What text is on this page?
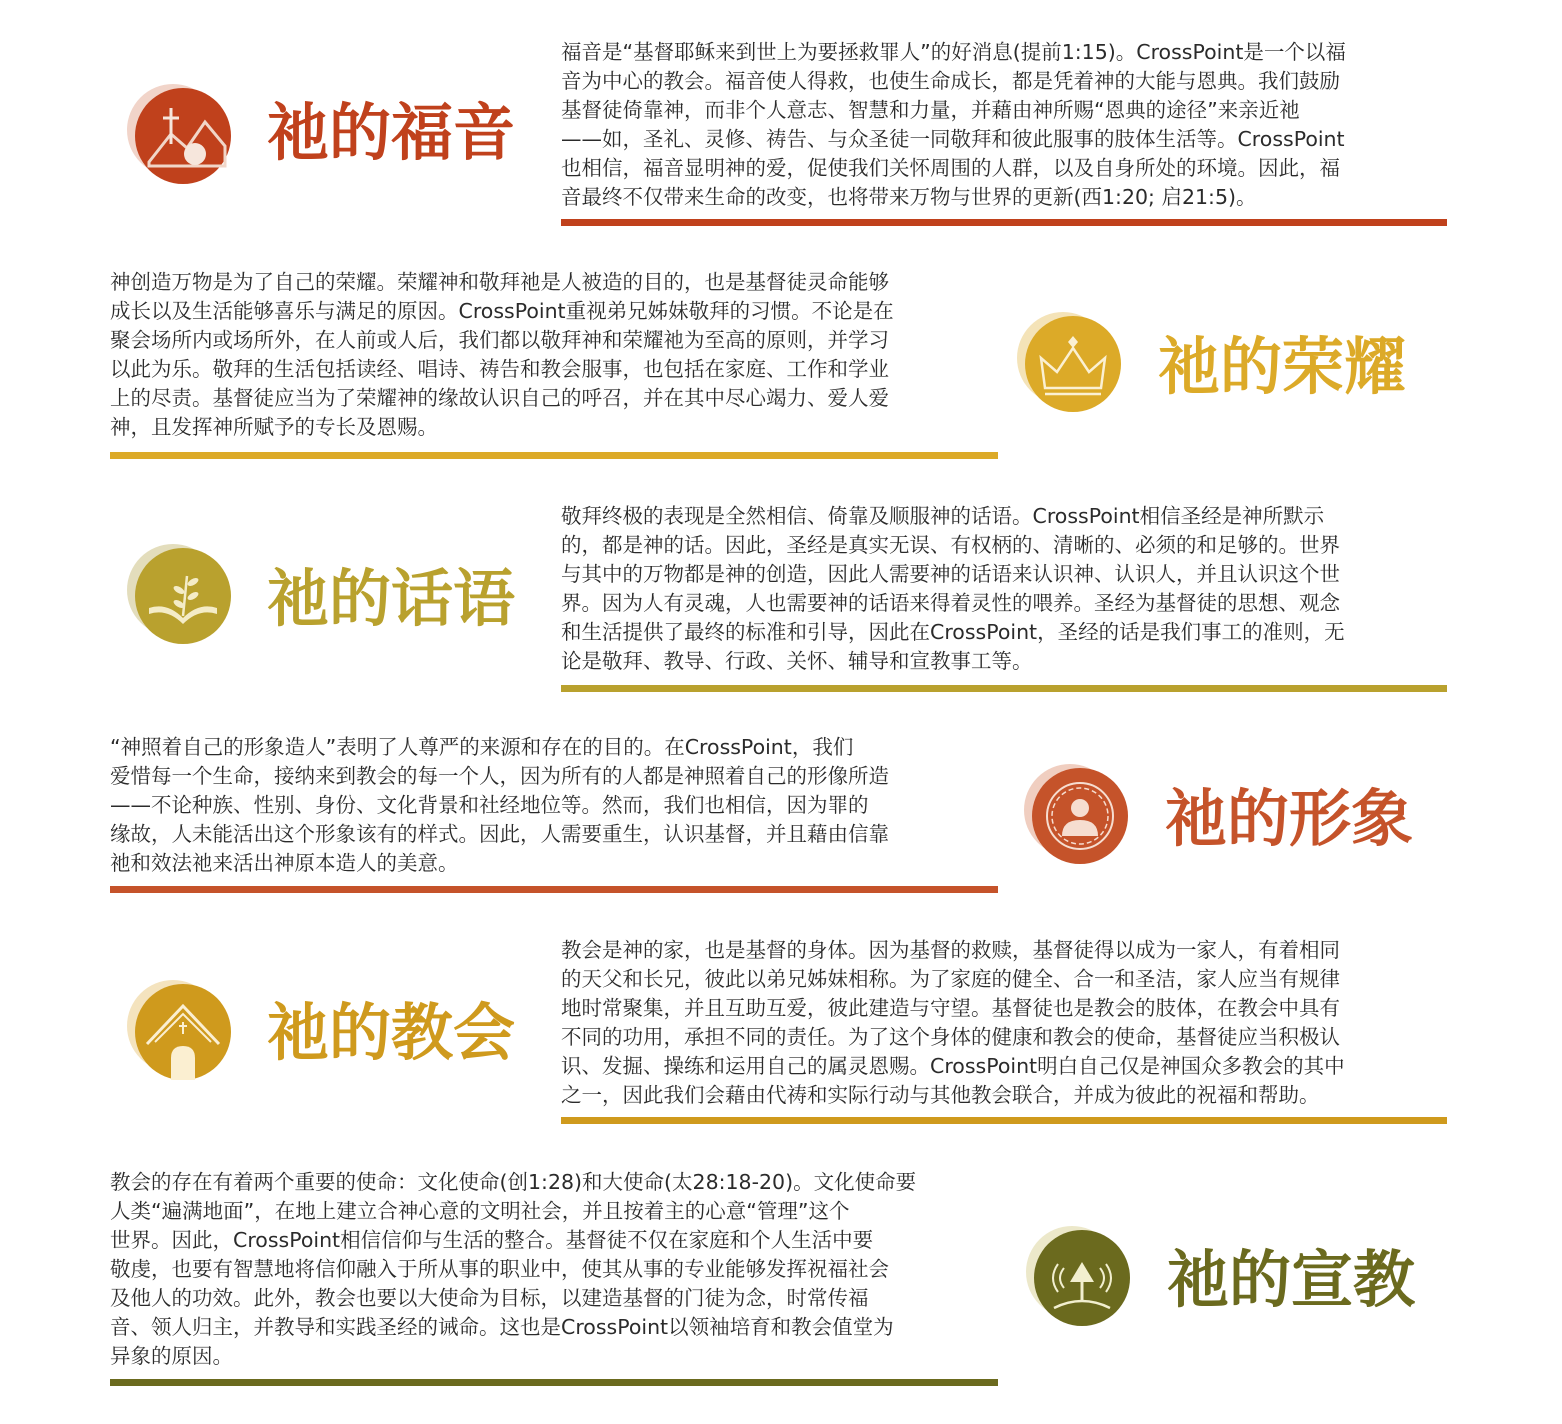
祂的福音
福音是“基督耶稣来到世上为要拯救罪人”的好消息(提前1:15)。CrossPoint是一个以福
音为中心的教会。福音使人得救，也使生命成长，都是凭着神的大能与恩典。我们鼓励
基督徒倚靠神，而非个人意志、智慧和力量，并藉由神所赐“恩典的途径”来亲近祂
——如，圣礼、灵修、祷告、与众圣徒一同敬拜和彼此服事的肢体生活等。CrossPoint
也相信，福音显明神的爱，促使我们关怀周围的人群，以及自身所处的环境。因此，福
音最终不仅带来生命的改变，也将带来万物与世界的更新(西1:20; 启21:5)。
神创造万物是为了自己的荣耀。荣耀神和敬拜祂是人被造的目的，也是基督徒灵命能够
成长以及生活能够喜乐与满足的原因。CrossPoint重视弟兄姊妹敬拜的习惯。不论是在
聚会场所内或场所外，在人前或人后，我们都以敬拜神和荣耀祂为至高的原则，并学习
以此为乐。敬拜的生活包括读经、唱诗、祷告和教会服事，也包括在家庭、工作和学业
上的尽责。基督徒应当为了荣耀神的缘故认识自己的呼召，并在其中尽心竭力、爱人爱
神，且发挥神所赋予的专长及恩赐。
祂的荣耀
祂的话语
敬拜终极的表现是全然相信、倚靠及顺服神的话语。CrossPoint相信圣经是神所默示
的，都是神的话。因此，圣经是真实无误、有权柄的、清晰的、必须的和足够的。世界
与其中的万物都是神的创造，因此人需要神的话语来认识神、认识人，并且认识这个世
界。因为人有灵魂，人也需要神的话语来得着灵性的喂养。圣经为基督徒的思想、观念
和生活提供了最终的标准和引导，因此在CrossPoint，圣经的话是我们事工的准则，无
论是敬拜、教导、行政、关怀、辅导和宣教事工等。
“神照着自己的形象造人”表明了人尊严的来源和存在的目的。在CrossPoint，我们
爱惜每一个生命，接纳来到教会的每一个人，因为所有的人都是神照着自己的形像所造
——不论种族、性别、身份、文化背景和社经地位等。然而，我们也相信，因为罪的
缘故，人未能活出这个形象该有的样式。因此，人需要重生，认识基督，并且藉由信靠
祂和效法祂来活出神原本造人的美意。
祂的形象
祂的教会
教会是神的家，也是基督的身体。因为基督的救赎，基督徒得以成为一家人，有着相同
的天父和长兄，彼此以弟兄姊妹相称。为了家庭的健全、合一和圣洁，家人应当有规律
地时常聚集，并且互助互爱，彼此建造与守望。基督徒也是教会的肢体，在教会中具有
不同的功用，承担不同的责任。为了这个身体的健康和教会的使命，基督徒应当积极认
识、发掘、操练和运用自己的属灵恩赐。CrossPoint明白自己仅是神国众多教会的其中
之一，因此我们会藉由代祷和实际行动与其他教会联合，并成为彼此的祝福和帮助。
教会的存在有着两个重要的使命：文化使命(创1:28)和大使命(太28:18-20)。文化使命要
人类“遍满地面”，在地上建立合神心意的文明社会，并且按着主的心意“管理”这个
世界。因此，CrossPoint相信信仰与生活的整合。基督徒不仅在家庭和个人生活中要
敬虔，也要有智慧地将信仰融入于所从事的职业中，使其从事的专业能够发挥祝福社会
及他人的功效。此外，教会也要以大使命为目标，以建造基督的门徒为念，时常传福
音、领人归主，并教导和实践圣经的诫命。这也是CrossPoint以领袖培育和教会值堂为
异象的原因。
祂的宣教
